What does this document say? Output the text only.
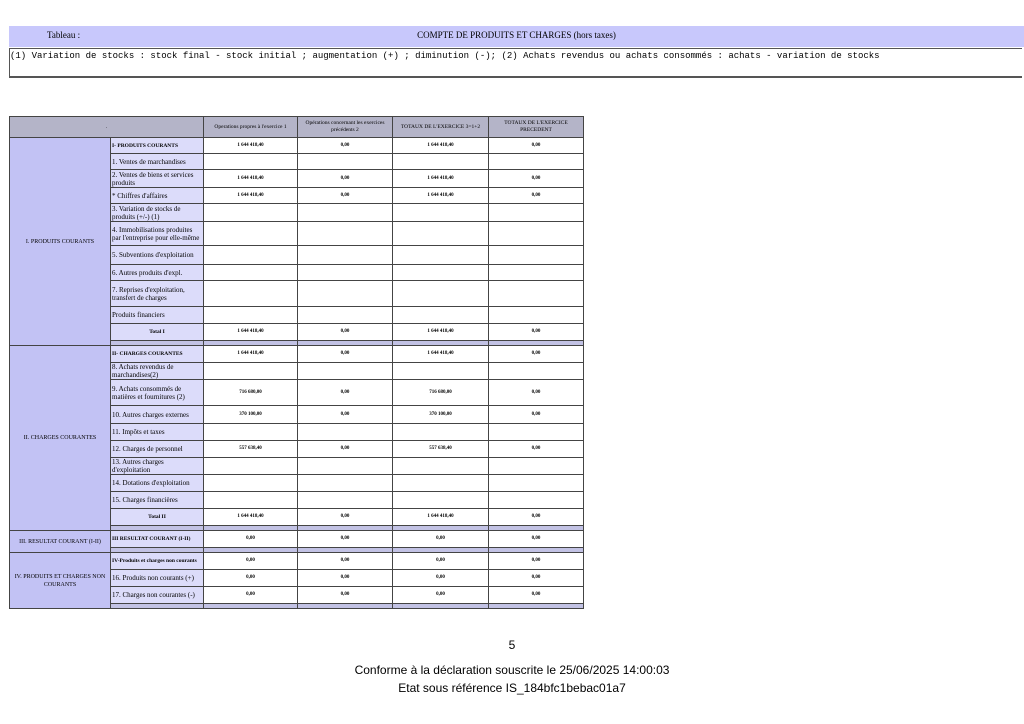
Tableau :	COMPTE DE PRODUITS ET CHARGES (hors taxes)
(1) Variation de stocks : stock final - stock initial ; augmentation (+) ; diminution (-); (2) Achats revendus ou achats consommés : achats - variation de stocks
.		Operations propres à l'exercice 1	Opérations concernant les exercices précédents 2	TOTAUX DE L'EXERCICE 3=1+2	TOTAUX DE L'EXERCICE PRECEDENT
I. PRODUITS COURANTS	I- PRODUITS COURANTS	1 644 418,40	0,00	1 644 418,40	0,00
	1. Ventes de marchandises				
	2. Ventes de biens et services produits	1 644 418,40	0,00	1 644 418,40	0,00
	* Chiffres d'affaires	1 644 418,40	0,00	1 644 418,40	0,00
	3. Variation de stocks de produits (+/-) (1)				
	4. Immobilisations produites par l'entreprise pour elle-même				
	5. Subventions d'exploitation				
	6. Autres produits d'expl.				
	7. Reprises d'exploitation, transfert de charges				
	Produits financiers				
	Total I	1 644 418,40	0,00	1 644 418,40	0,00

II. CHARGES COURANTES	II- CHARGES COURANTES	1 644 418,40	0,00	1 644 418,40	0,00
	8. Achats revendus de marchandises(2)				
	9. Achats consommés de matières et fournitures (2)	716 680,00	0,00	716 680,00	0,00
	10. Autres charges externes	370 100,00	0,00	370 100,00	0,00
	11. Impôts et taxes				
	12. Charges de personnel	557 638,40	0,00	557 638,40	0,00
	13. Autres charges d'exploitation				
	14. Dotations d'exploitation				
	15. Charges financières				
	Total II	1 644 418,40	0,00	1 644 418,40	0,00

III. RESULTAT COURANT (I-II)	III RESULTAT COURANT (I-II)	0,00	0,00	0,00	0,00

IV. PRODUITS ET CHARGES NON COURANTS	IV-Produits et charges non courants	0,00	0,00	0,00	0,00
	16. Produits non courants (+)	0,00	0,00	0,00	0,00
	17. Charges non courantes (-)	0,00	0,00	0,00	0,00

5
Conforme à la déclaration souscrite le 25/06/2025 14:00:03
Etat sous référence IS_184bfc1bebac01a7
